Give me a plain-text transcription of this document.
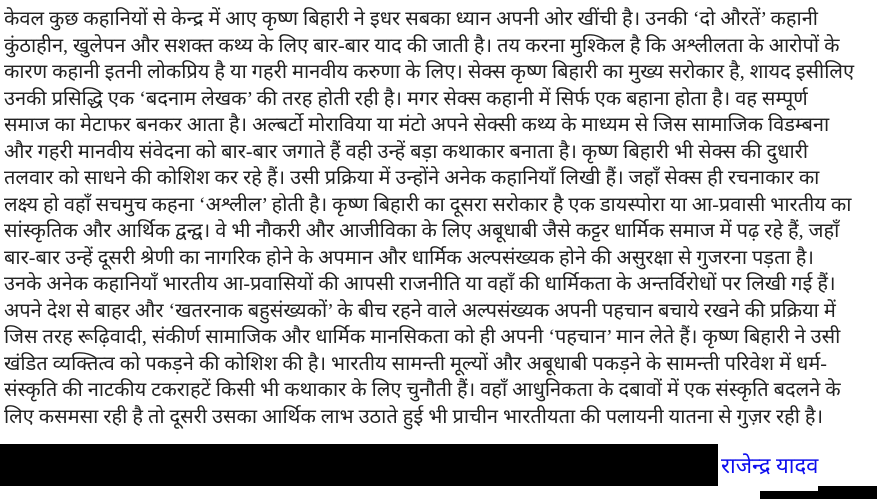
केवल कुछ कहानियों से केन्द्र में आए कृष्ण बिहारी ने इधर सबका ध्यान अपनी ओर खींची है। उनकी ‘दो औरतें’ कहानी
कुंठाहीन, खुलेपन और सशक्त कथ्य के लिए बार-बार याद की जाती है। तय करना मुश्किल है कि अश्लीलता के आरोपों के
कारण कहानी इतनी लोकप्रिय है या गहरी मानवीय करुणा के लिए। सेक्स कृष्ण बिहारी का मुख्य सरोकार है, शायद इसीलिए
उनकी प्रसिद्धि एक ‘बदनाम लेखक’ की तरह होती रही है। मगर सेक्स कहानी में सिर्फ एक बहाना होता है। वह सम्पूर्ण
समाज का मेटाफर बनकर आता है। अल्बर्टो मोराविया या मंटो अपने सेक्सी कथ्य के माध्यम से जिस सामाजिक विडम्बना
और गहरी मानवीय संवेदना को बार-बार जगाते हैं वही उन्हें बड़ा कथाकार बनाता है। कृष्ण बिहारी भी सेक्स की दुधारी
तलवार को साधने की कोशिश कर रहे हैं। उसी प्रक्रिया में उन्होंने अनेक कहानियाँ लिखी हैं। जहाँ सेक्स ही रचनाकार का
लक्ष्य हो वहाँ सचमुच कहना ‘अश्लील’ होती है। कृष्ण बिहारी का दूसरा सरोकार है एक डायस्पोरा या आ-प्रवासी भारतीय का
सांस्कृतिक और आर्थिक द्वन्द्व। वे भी नौकरी और आजीविका के लिए अबूधाबी जैसे कट्टर धार्मिक समाज में पढ़ रहे हैं, जहाँ
बार-बार उन्हें दूसरी श्रेणी का नागरिक होने के अपमान और धार्मिक अल्पसंख्यक होने की असुरक्षा से गुजरना पड़ता है।
उनके अनेक कहानियाँ भारतीय आ-प्रवासियों की आपसी राजनीति या वहाँ की धार्मिकता के अन्तर्विरोधों पर लिखी गई हैं।
अपने देश से बाहर और ‘खतरनाक बहुसंख्यकों’ के बीच रहने वाले अल्पसंख्यक अपनी पहचान बचाये रखने की प्रक्रिया में
जिस तरह रूढ़िवादी, संकीर्ण सामाजिक और धार्मिक मानसिकता को ही अपनी ‘पहचान’ मान लेते हैं। कृष्ण बिहारी ने उसी
खंडित व्यक्तित्व को पकड़ने की कोशिश की है। भारतीय सामन्ती मूल्यों और अबूधाबी पकड़ने के सामन्ती परिवेश में धर्म-
संस्कृति की नाटकीय टकराहटें किसी भी कथाकार के लिए चुनौती हैं। वहाँ आधुनिकता के दबावों में एक संस्कृति बदलने के
लिए कसमसा रही है तो दूसरी उसका आर्थिक लाभ उठाते हुई भी प्राचीन भारतीयता की पलायनी यातना से गुज़र रही है।
राजेन्द्र यादव
